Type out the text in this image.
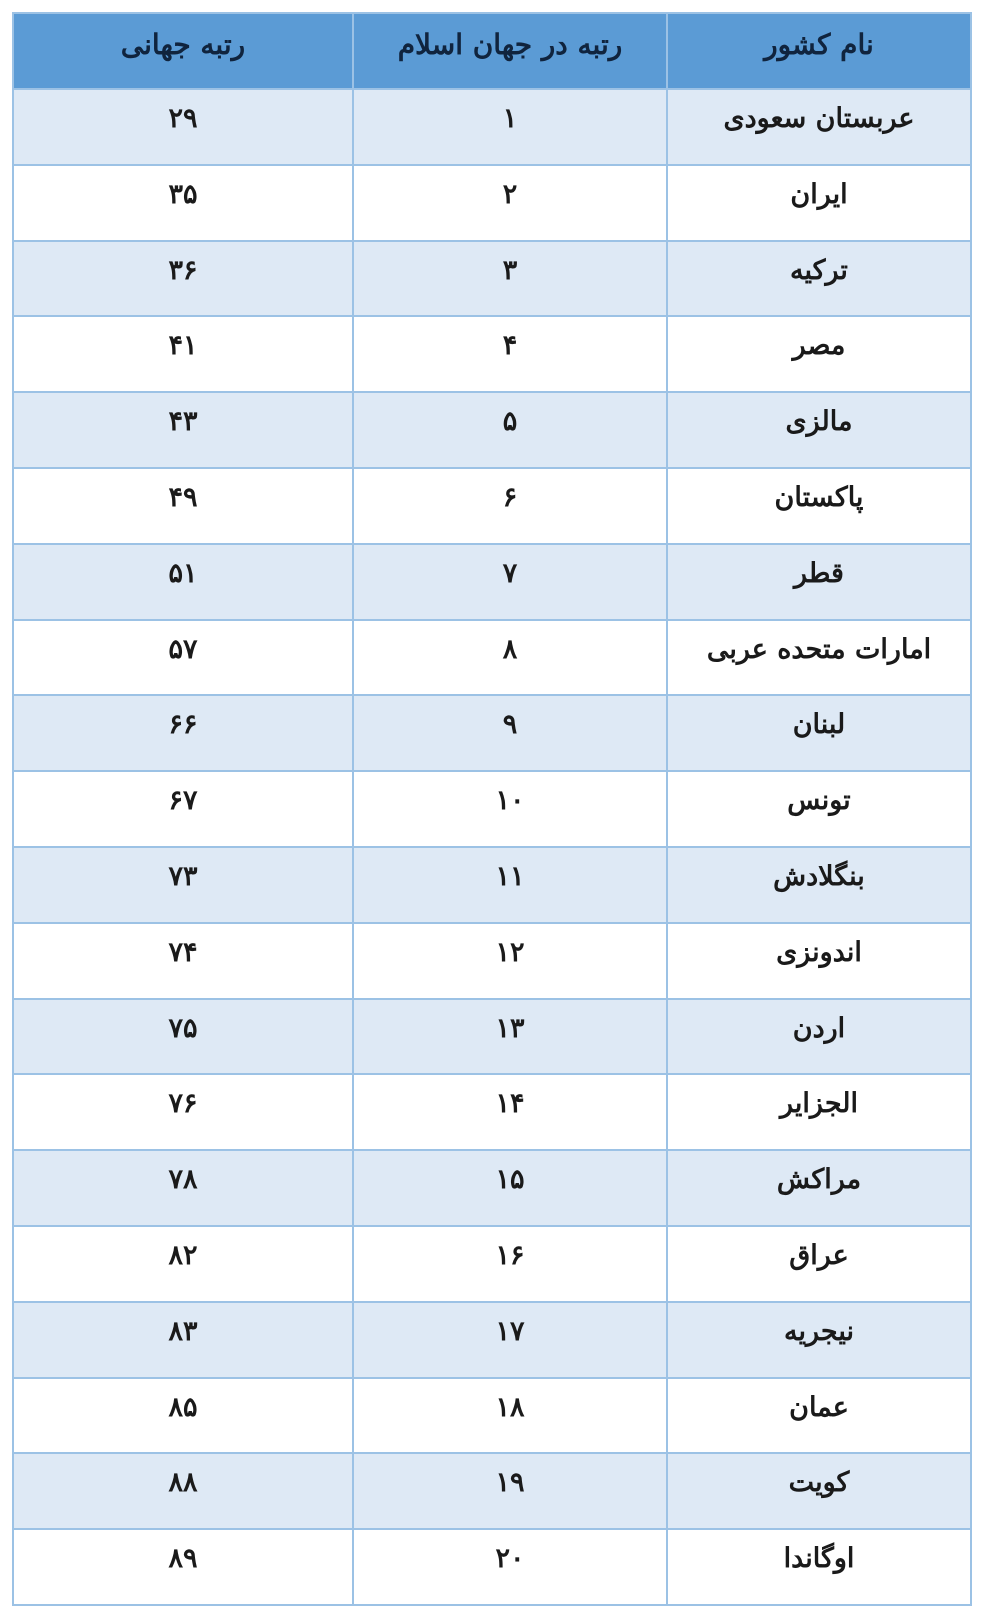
نام کشور	رتبه در جهان اسلام	رتبه جهانی
عربستان سعودی	۱	۲۹
ایران	۲	۳۵
ترکیه	۳	۳۶
مصر	۴	۴۱
مالزی	۵	۴۳
پاکستان	۶	۴۹
قطر	۷	۵۱
امارات متحده عربی	۸	۵۷
لبنان	۹	۶۶
تونس	۱۰	۶۷
بنگلادش	۱۱	۷۳
اندونزی	۱۲	۷۴
اردن	۱۳	۷۵
الجزایر	۱۴	۷۶
مراکش	۱۵	۷۸
عراق	۱۶	۸۲
نیجریه	۱۷	۸۳
عمان	۱۸	۸۵
کویت	۱۹	۸۸
اوگاندا	۲۰	۸۹
